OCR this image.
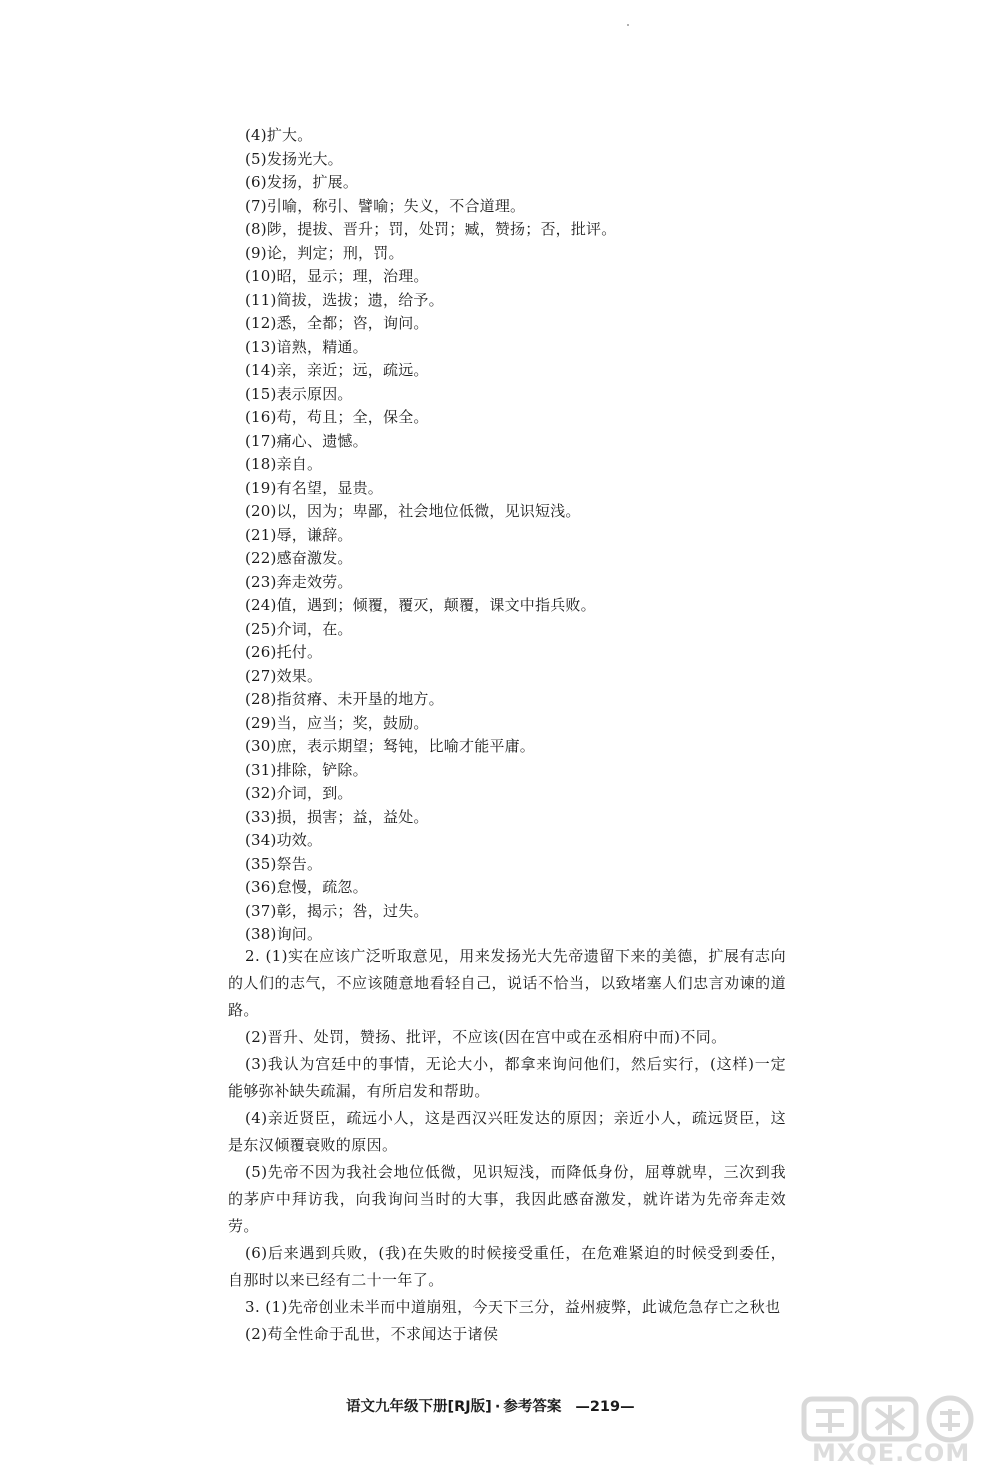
(4)扩大。
(5)发扬光大。
(6)发扬，扩展。
(7)引喻，称引、譬喻；失义，不合道理。
(8)陟，提拔、晋升；罚，处罚；臧，赞扬；否，批评。
(9)论，判定；刑，罚。
(10)昭，显示；理，治理。
(11)简拔，选拔；遗，给予。
(12)悉，全都；咨，询问。
(13)谙熟，精通。
(14)亲，亲近；远，疏远。
(15)表示原因。
(16)苟，苟且；全，保全。
(17)痛心、遗憾。
(18)亲自。
(19)有名望，显贵。
(20)以，因为；卑鄙，社会地位低微，见识短浅。
(21)辱，谦辞。
(22)感奋激发。
(23)奔走效劳。
(24)值，遇到；倾覆，覆灭，颠覆，课文中指兵败。
(25)介词，在。
(26)托付。
(27)效果。
(28)指贫瘠、未开垦的地方。
(29)当，应当；奖，鼓励。
(30)庶，表示期望；驽钝，比喻才能平庸。
(31)排除，铲除。
(32)介词，到。
(33)损，损害；益，益处。
(34)功效。
(35)祭告。
(36)怠慢，疏忽。
(37)彰，揭示；咎，过失。
(38)询问。

2. (1)实在应该广泛听取意见，用来发扬光大先帝遗留下来的美德，扩展有志向的人们的志气，不应该随意地看轻自己，说话不恰当，以致堵塞人们忠言劝谏的道路。

(2)晋升、处罚，赞扬、批评，不应该(因在宫中或在丞相府中而)不同。

(3)我认为宫廷中的事情，无论大小，都拿来询问他们，然后实行，(这样)一定能够弥补缺失疏漏，有所启发和帮助。

(4)亲近贤臣，疏远小人，这是西汉兴旺发达的原因；亲近小人，疏远贤臣，这是东汉倾覆衰败的原因。

(5)先帝不因为我社会地位低微，见识短浅，而降低身份，屈尊就卑，三次到我的茅庐中拜访我，向我询问当时的大事，我因此感奋激发，就许诺为先帝奔走效劳。

(6)后来遇到兵败，(我)在失败的时候接受重任，在危难紧迫的时候受到委任，自那时以来已经有二十一年了。

3. (1)先帝创业未半而中道崩殂，今天下三分，益州疲弊，此诚危急存亡之秋也

(2)苟全性命于乱世，不求闻达于诸侯

语文九年级下册[RJ版] · 参考答案 —219—
MXQE.COM
